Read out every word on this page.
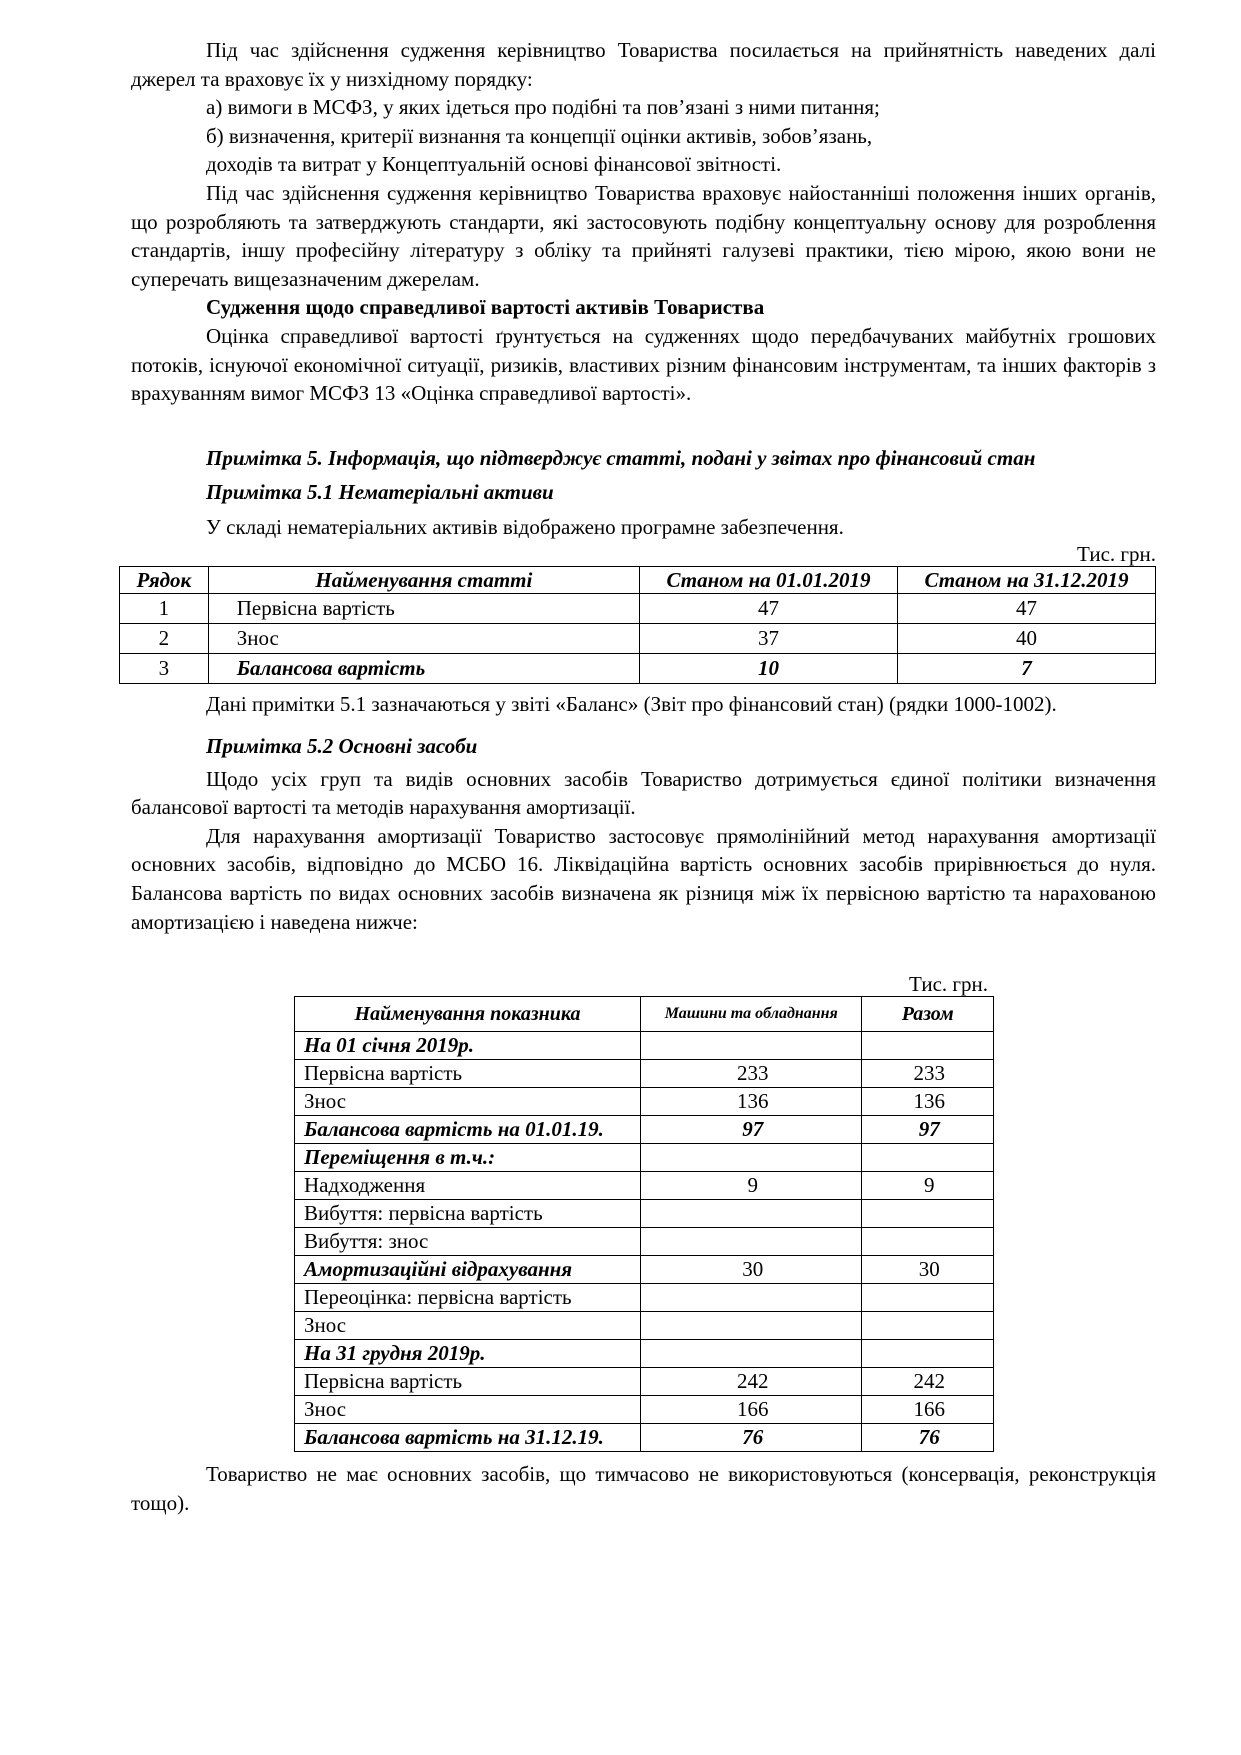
Під час здійснення судження керівництво Товариства посилається на прийнятність наведених далі джерел та враховує їх у низхідному порядку:

а) вимоги в МСФЗ, у яких ідеться про подібні та пов’язані з ними питання;

б) визначення, критерії визнання та концепції оцінки активів, зобов’язань,

доходів та витрат у Концептуальній основі фінансової звітності.

Під час здійснення судження керівництво Товариства враховує найостанніші положення інших органів, що розробляють та затверджують стандарти, які застосовують подібну концептуальну основу для розроблення стандартів, іншу професійну літературу з обліку та прийняті галузеві практики, тією мірою, якою вони не суперечать вищезазначеним джерелам.

Судження щодо справедливої вартості активів Товариства

Оцінка справедливої вартості ґрунтується на судженнях щодо передбачуваних майбутніх грошових потоків, існуючої економічної ситуації, ризиків, властивих різним фінансовим інструментам, та інших факторів з врахуванням вимог МСФЗ 13 «Оцінка справедливої вартості».

Примітка 5. Інформація, що підтверджує статті, подані у звітах про фінансовий стан

Примітка 5.1 Нематеріальні активи

У складі нематеріальних активів відображено програмне забезпечення.

Тис. грн.
Рядок	Найменування статті	Станом на 01.01.2019	Станом на 31.12.2019
1	Первісна вартість	47	47
2	Знос	37	40
3	Балансова вартість	10	7

Дані примітки 5.1 зазначаються у звіті «Баланс» (Звіт про фінансовий стан) (рядки 1000-1002).

Примітка 5.2 Основні засоби

Щодо усіх груп та видів основних засобів Товариство дотримується єдиної політики визначення балансової вартості та методів нарахування амортизації.

Для нарахування амортизації Товариство застосовує прямолінійний метод нарахування амортизації основних засобів, відповідно до МСБО 16. Ліквідаційна вартість основних засобів прирівнюється до нуля. Балансова вартість по видах основних засобів визначена як різниця між їх первісною вартістю та нарахованою амортизацією і наведена нижче:

Тис. грн.
Найменування показника	Машини та обладнання	Разом
На 01 січня 2019р.		
Первісна вартість	233	233
Знос	136	136
Балансова вартість на 01.01.19.	97	97
Переміщення в т.ч.:		
Надходження	9	9
Вибуття: первісна вартість		
Вибуття: знос		
Амортизаційні відрахування	30	30
Переоцінка: первісна вартість		
Знос		
На 31 грудня 2019р.		
Первісна вартість	242	242
Знос	166	166
Балансова вартість на 31.12.19.	76	76

Товариство не має основних засобів, що тимчасово не використовуються (консервація, реконструкція тощо).
